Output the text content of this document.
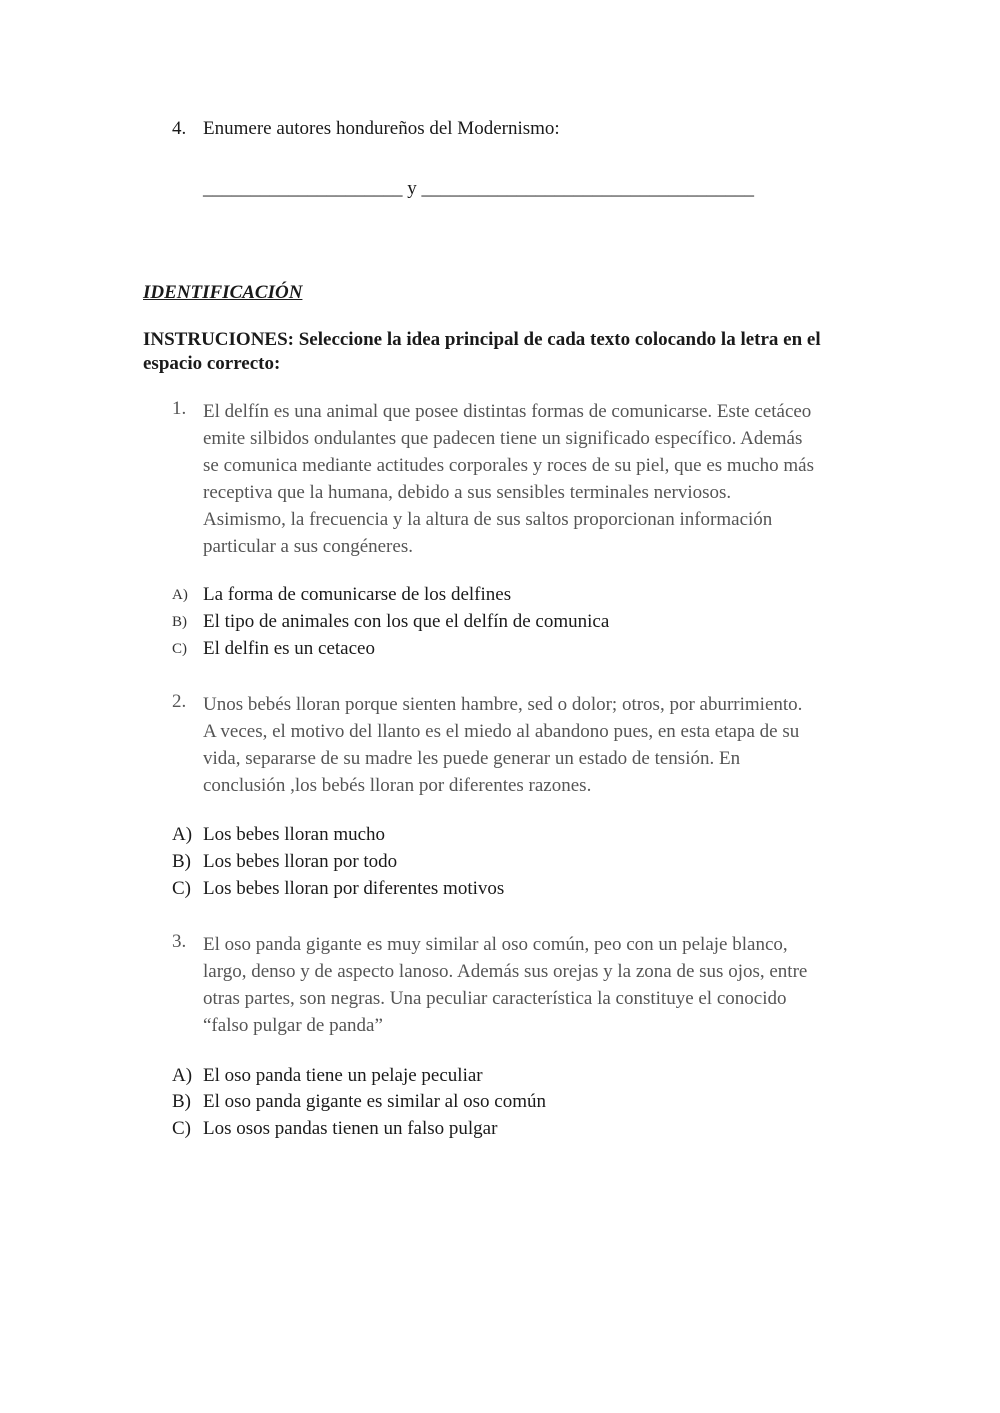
4. Enumere autores hondureños del Modernismo:
_____________________ y ___________________________________
IDENTIFICACIÓN
INSTRUCIONES: Seleccione la idea principal de cada texto colocando la letra en el espacio correcto:
1. El delfín es una animal que posee distintas formas de comunicarse. Este cetáceo
emite silbidos ondulantes que padecen tiene un significado específico. Además
se comunica mediante actitudes corporales y roces de su piel, que es mucho más
receptiva que la humana, debido a sus sensibles terminales nerviosos.
Asimismo, la frecuencia y la altura de sus saltos proporcionan información
particular a sus congéneres.
A) La forma de comunicarse de los delfines
B) El tipo de animales con los que el delfín de comunica
C) El delfin es un cetaceo
2. Unos bebés lloran porque sienten hambre, sed o dolor; otros, por aburrimiento.
A veces, el motivo del llanto es el miedo al abandono pues, en esta etapa de su
vida, separarse de su madre les puede generar un estado de tensión. En
conclusión ,los bebés lloran por diferentes razones.
A) Los bebes lloran mucho
B) Los bebes lloran por todo
C) Los bebes lloran por diferentes motivos
3. El oso panda gigante es muy similar al oso común, peo con un pelaje blanco,
largo, denso y de aspecto lanoso. Además sus orejas y la zona de sus ojos, entre
otras partes, son negras. Una peculiar característica la constituye el conocido
“falso pulgar de panda”
A) El oso panda tiene un pelaje peculiar
B) El oso panda gigante es similar al oso común
C) Los osos pandas tienen un falso pulgar
